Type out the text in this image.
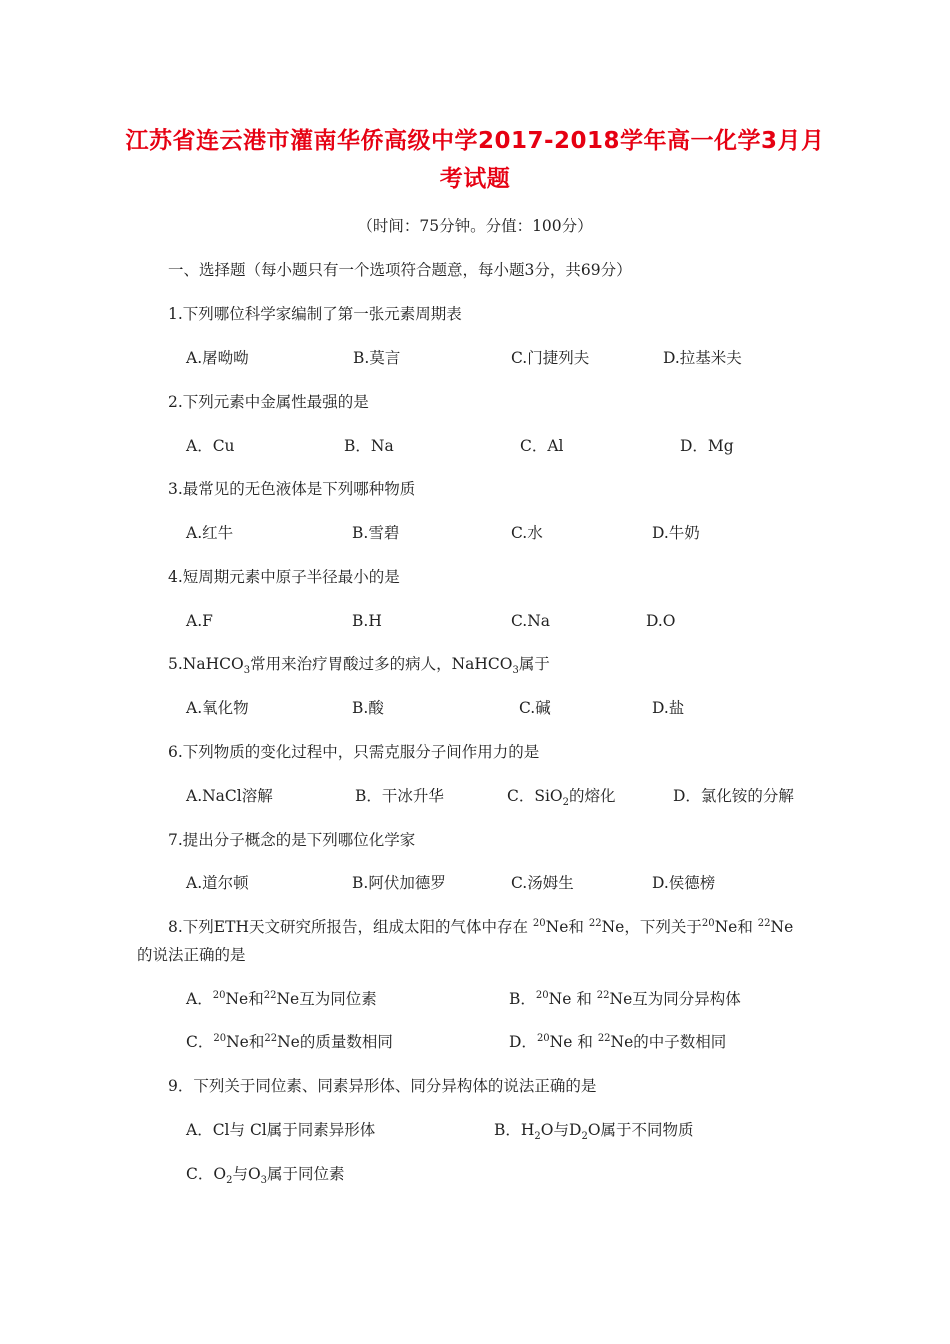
江苏省连云港市灌南华侨高级中学2017-2018学年高一化学3月月
考试题
（时间：75分钟。分值：100分）
一、选择题（每小题只有一个选项符合题意，每小题3分，共69分）
1.下列哪位科学家编制了第一张元素周期表
A.屠呦呦	B.莫言	C.门捷列夫	D.拉基米夫
2.下列元素中金属性最强的是
A．Cu	B．Na	C．Al	D．Mg
3.最常见的无色液体是下列哪种物质
A.红牛	B.雪碧	C.水	D.牛奶
4.短周期元素中原子半径最小的是
A.F	B.H	C.Na	D.O
5.NaHCO$_3$常用来治疗胃酸过多的病人，NaHCO$_3$属于
A.氧化物	B.酸	C.碱	D.盐
6.下列物质的变化过程中，只需克服分子间作用力的是
A.NaCl溶解	B．干冰升华	C．SiO$_2$的熔化	D．氯化铵的分解
7.提出分子概念的是下列哪位化学家
A.道尔顿	B.阿伏加德罗	C.汤姆生	D.侯德榜
8.下列ETH天文研究所报告，组成太阳的气体中存在 $^{20}$Ne和 $^{22}$Ne，下列关于$^{20}$Ne和 $^{22}$Ne
的说法正确的是
A．$^{20}$Ne和$^{22}$Ne互为同位素	B．$^{20}$Ne 和 $^{22}$Ne互为同分异构体
C．$^{20}$Ne和$^{22}$Ne的质量数相同	D．$^{20}$Ne 和 $^{22}$Ne的中子数相同
9．下列关于同位素、同素异形体、同分异构体的说法正确的是
A．Cl与 Cl属于同素异形体	B．$H_2O$与$D_2O$属于不同物质
C．$O_2$与$O_3$属于同位素
